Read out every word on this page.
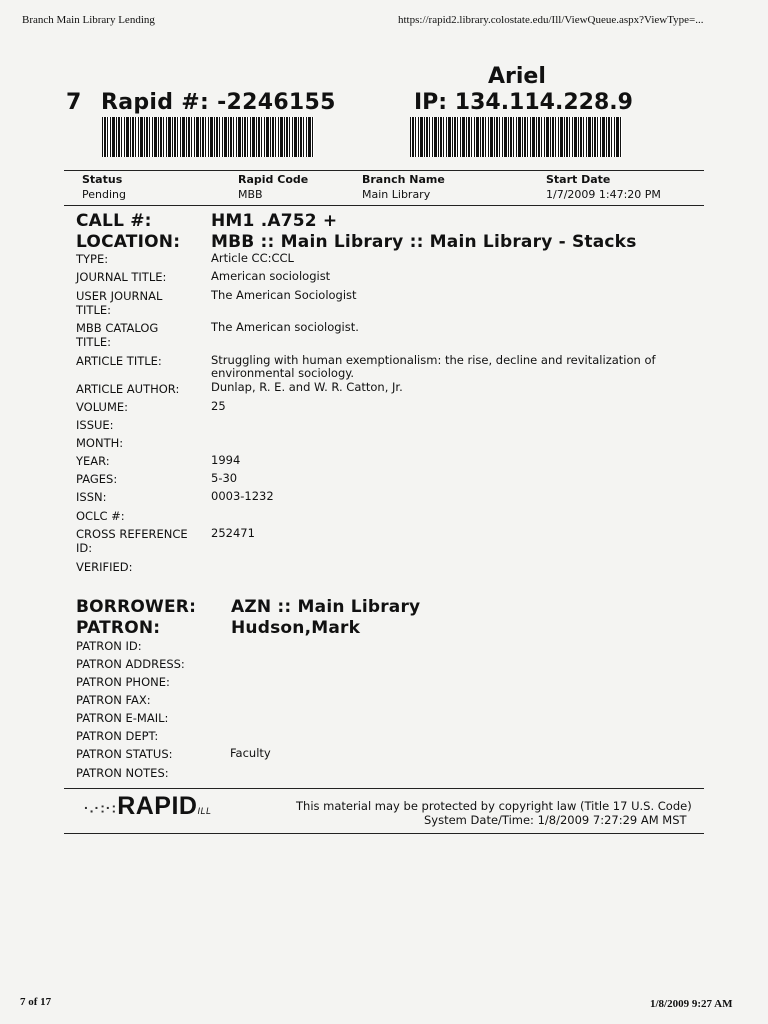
Branch Main Library Lending	https://rapid2.library.colostate.edu/Ill/ViewQueue.aspx?ViewType=...
7 Rapid #: -2246155
Ariel
IP: 134.114.228.9
Status	Rapid Code	Branch Name	Start Date
Pending	MBB	Main Library	1/7/2009 1:47:20 PM
CALL #:	HM1 .A752 +
LOCATION: MBB :: Main Library :: Main Library - Stacks
TYPE:	Article CC:CCL
JOURNAL TITLE:	American sociologist
USER JOURNAL TITLE:
The American Sociologist
MBB CATALOG TITLE:
The American sociologist.
ARTICLE TITLE:	Struggling with human exemptionalism: the rise, decline and revitalization of environmental sociology.
ARTICLE AUTHOR:	Dunlap, R. E. and W. R. Catton, Jr.
VOLUME:	25
ISSUE:
MONTH:
YEAR:	1994
PAGES:	5-30
ISSN:	0003-1232
OCLC #:
CROSS REFERENCE ID:
252471
VERIFIED:
BORROWER: AZN :: Main Library
PATRON:	Hudson,Mark
PATRON ID:
PATRON ADDRESS:
PATRON PHONE:
PATRON FAX:
PATRON E-MAIL:
PATRON DEPT:
PATRON STATUS:	Faculty
PATRON NOTES:
·.·:·:RAPIDILL	This material may be protected by copyright law (Title 17 U.S. Code)
System Date/Time: 1/8/2009 7:27:29 AM MST
7 of 17	1/8/2009 9:27 AM
